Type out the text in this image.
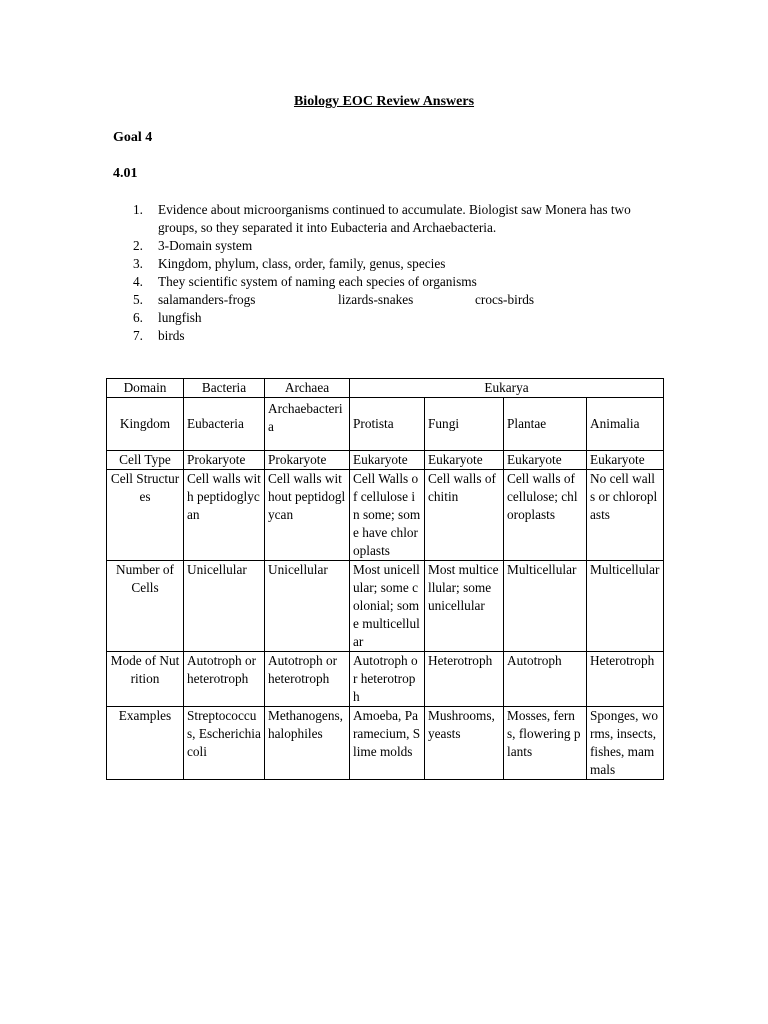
Biology EOC Review Answers
Goal 4
4.01
1. Evidence about microorganisms continued to accumulate. Biologist saw Monera has two groups, so they separated it into Eubacteria and Archaebacteria.
2. 3-Domain system
3. Kingdom, phylum, class, order, family, genus, species
4. They scientific system of naming each species of organisms
5. salamanders-frogs	lizards-snakes	crocs-birds
6. lungfish
7. birds
Domain	Bacteria	Archaea	Eukarya			
Kingdom	Eubacteria	Archaebacteria	Protista	Fungi	Plantae	Animalia
Cell Type	Prokaryote	Prokaryote	Eukaryote	Eukaryote	Eukaryote	Eukaryote
Cell Structures	Cell walls with peptidoglycan	Cell walls without peptidoglycan	Cell Walls of cellulose in some; some have chloroplasts	Cell walls of chitin	Cell walls of cellulose; chloroplasts	No cell walls or chloroplasts
Number of Cells	Unicellular	Unicellular	Most unicellular; some colonial; some multicellular	Most multicellular; some unicellular	Multicellular	Multicellular
Mode of Nutrition	Autotroph or heterotroph	Autotroph or heterotroph	Autotroph or heterotroph	Heterotroph	Autotroph	Heterotroph
Examples	Streptococcus, Escherichia coli	Methanogens, halophiles	Amoeba, Paramecium, Slime molds	Mushrooms, yeasts	Mosses, ferns, flowering plants	Sponges, worms, insects, fishes, mammals
